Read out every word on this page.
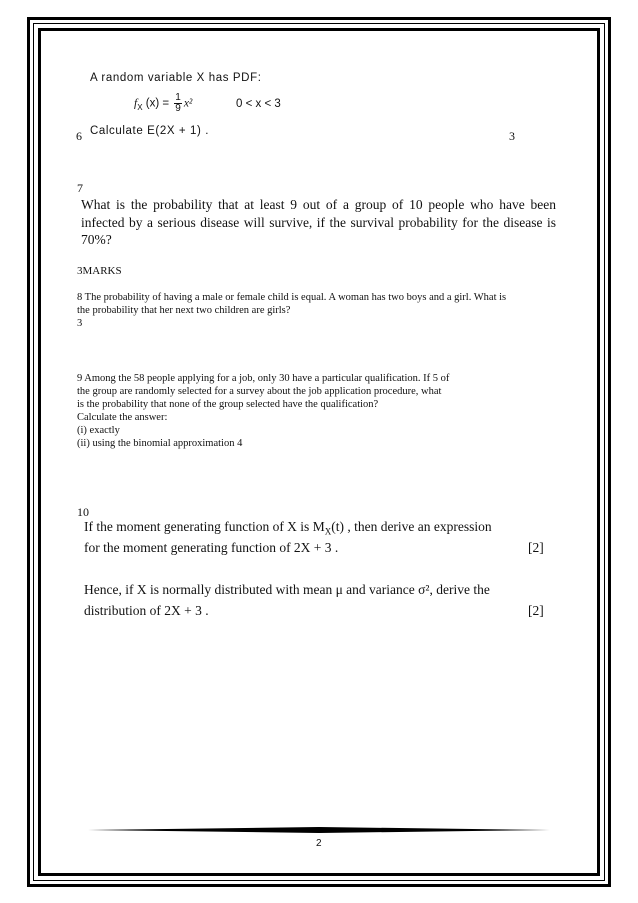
A random variable X has PDF:
$f_X$ $(x) = \frac{1}{9} x^2$	0 < x < 3
6 Calculate E(2X + 1) .	3
7
What is the probability that at least 9 out of a group of 10 people who have been infected by a serious disease will survive, if the survival probability for the disease is 70%?
3MARKS
8 The probability of having a male or female child is equal. A woman has two boys and a girl. What is the probability that her next two children are girls?
3
9 Among the 58 people applying for a job, only 30 have a particular qualification. If 5 of
the group are randomly selected for a survey about the job application procedure, what
is the probability that none of the group selected have the qualification?
Calculate the answer:
(i) exactly
(ii) using the binomial approximation 4
10
If the moment generating function of X is $M_X(t)$ , then derive an expression
for the moment generating function of 2X + 3 .	[2]
Hence, if X is normally distributed with mean μ and variance σ², derive the
distribution of 2X + 3 .	[2]
2
